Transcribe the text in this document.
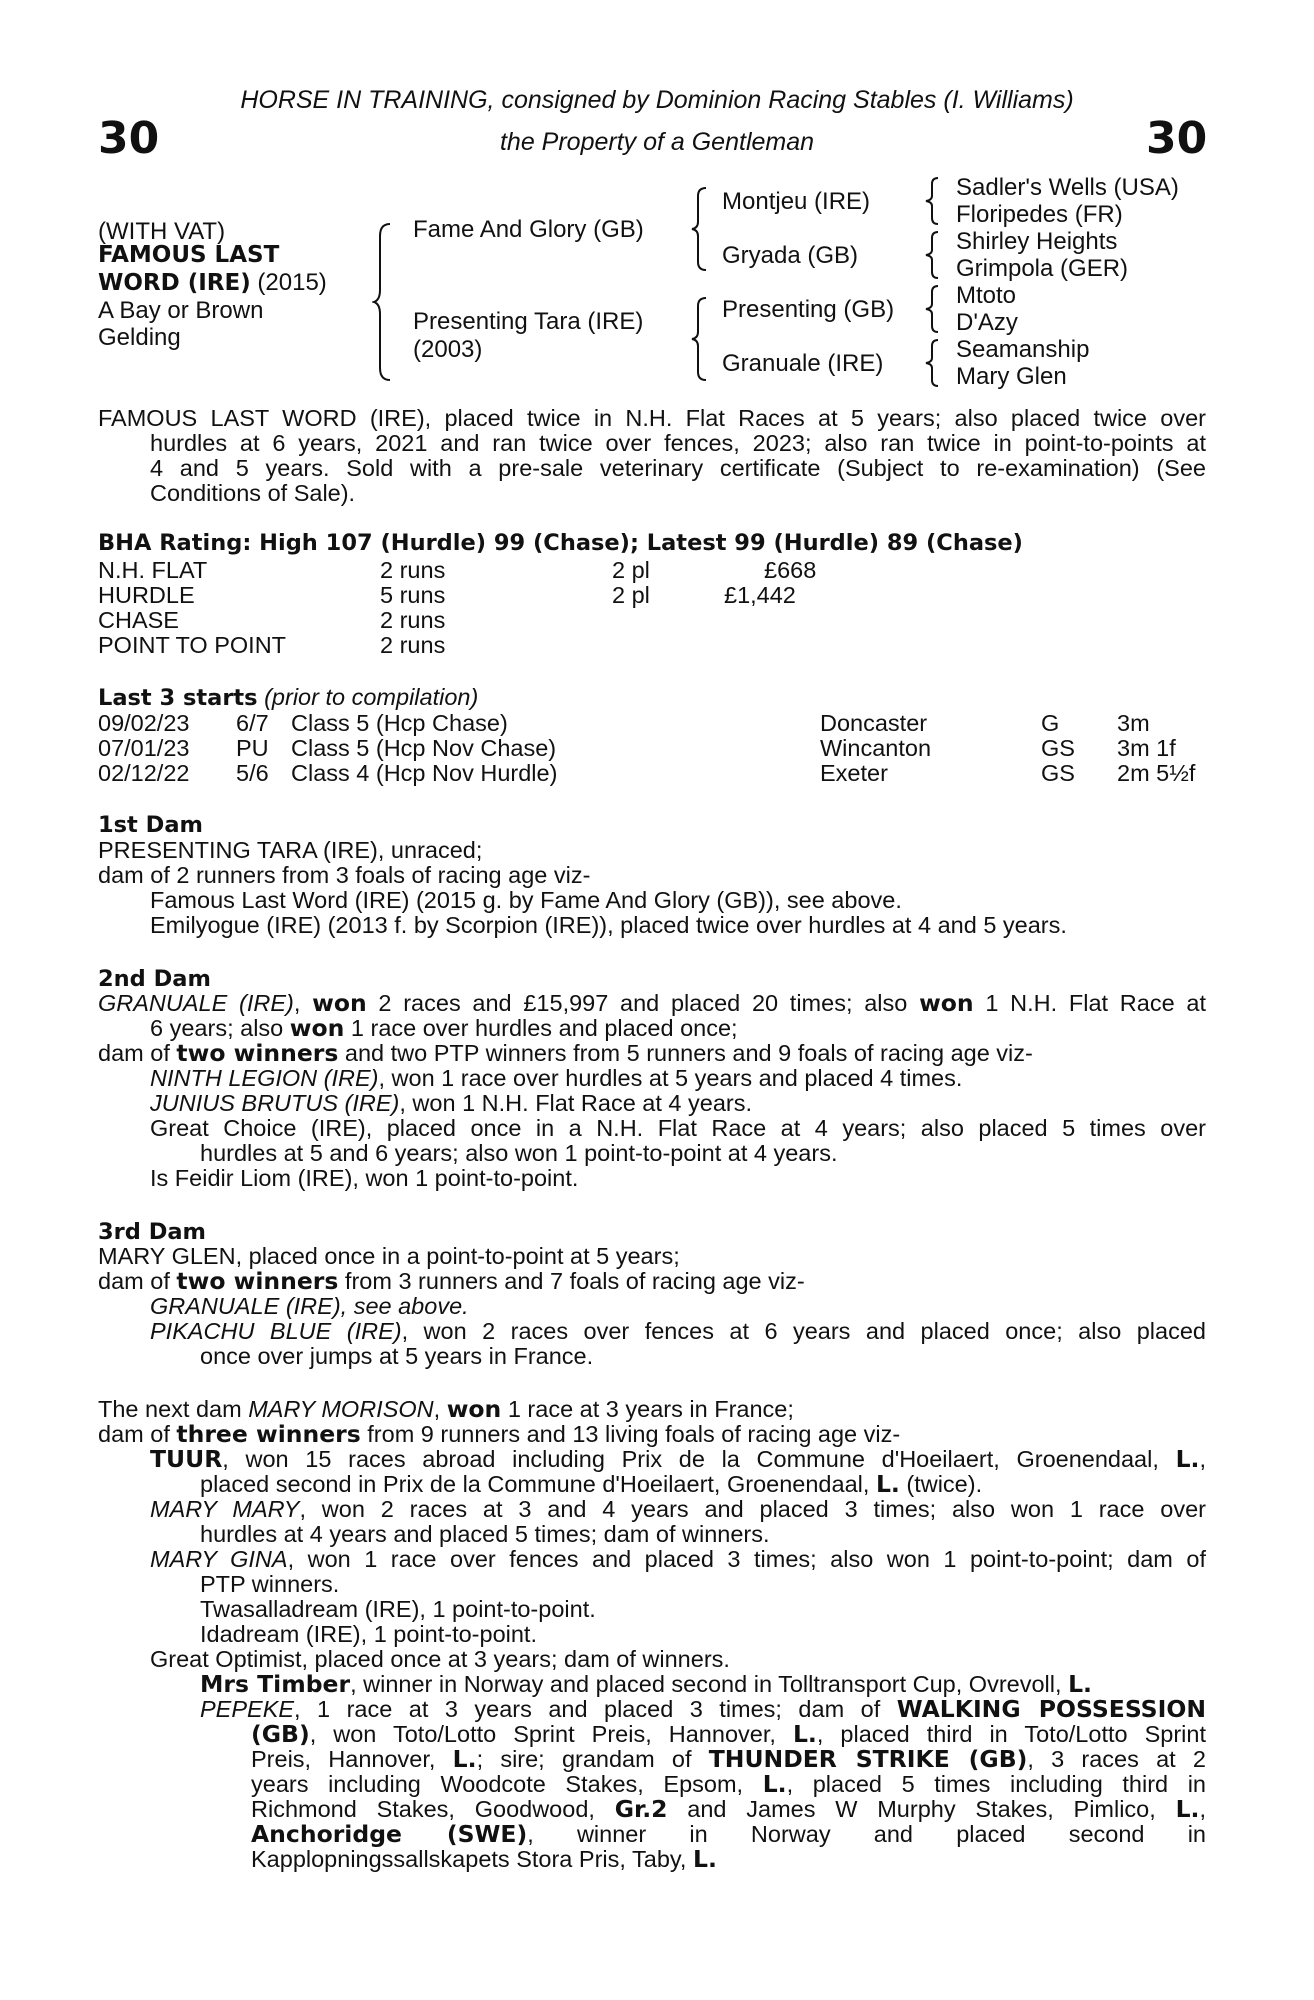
30	30
HORSE IN TRAINING, consigned by Dominion Racing Stables (I. Williams)
the Property of a Gentleman
(WITH VAT)
FAMOUS LAST
WORD (IRE) (2015)
A Bay or Brown
Gelding
Fame And Glory (GB)
Presenting Tara (IRE)
(2003)
Montjeu (IRE)
Gryada (GB)
Presenting (GB)
Granuale (IRE)
Sadler's Wells (USA)
Floripedes (FR)
Shirley Heights
Grimpola (GER)
Mtoto
D'Azy
Seamanship
Mary Glen
FAMOUS LAST WORD (IRE), placed twice in N.H. Flat Races at 5 years; also placed twice over
hurdles at 6 years, 2021 and ran twice over fences, 2023; also ran twice in point-to-points at
4 and 5 years. Sold with a pre-sale veterinary certificate (Subject to re-examination) (See
Conditions of Sale).
BHA Rating: High 107 (Hurdle) 99 (Chase); Latest 99 (Hurdle) 89 (Chase)
N.H. FLAT	2 runs	2 pl	£668
HURDLE	5 runs	2 pl	£1,442
CHASE	2 runs
POINT TO POINT	2 runs
Last 3 starts (prior to compilation)
09/02/23 6/7 Class 5 (Hcp Chase)	Doncaster	G 3m
07/01/23 PU Class 5 (Hcp Nov Chase)	Wincanton	GS 3m 1f
02/12/22 5/6 Class 4 (Hcp Nov Hurdle)	Exeter	GS 2m 5½f
1st Dam
PRESENTING TARA (IRE), unraced;
dam of 2 runners from 3 foals of racing age viz-
Famous Last Word (IRE) (2015 g. by Fame And Glory (GB)), see above.
Emilyogue (IRE) (2013 f. by Scorpion (IRE)), placed twice over hurdles at 4 and 5 years.
2nd Dam
GRANUALE (IRE), won 2 races and £15,997 and placed 20 times; also won 1 N.H. Flat Race at
6 years; also won 1 race over hurdles and placed once;
dam of two winners and two PTP winners from 5 runners and 9 foals of racing age viz-
NINTH LEGION (IRE), won 1 race over hurdles at 5 years and placed 4 times.
JUNIUS BRUTUS (IRE), won 1 N.H. Flat Race at 4 years.
Great Choice (IRE), placed once in a N.H. Flat Race at 4 years; also placed 5 times over
hurdles at 5 and 6 years; also won 1 point-to-point at 4 years.
Is Feidir Liom (IRE), won 1 point-to-point.
3rd Dam
MARY GLEN, placed once in a point-to-point at 5 years;
dam of two winners from 3 runners and 7 foals of racing age viz-
GRANUALE (IRE), see above.
PIKACHU BLUE (IRE), won 2 races over fences at 6 years and placed once; also placed
once over jumps at 5 years in France.
The next dam MARY MORISON, won 1 race at 3 years in France;
dam of three winners from 9 runners and 13 living foals of racing age viz-
TUUR, won 15 races abroad including Prix de la Commune d'Hoeilaert, Groenendaal, L.,
placed second in Prix de la Commune d'Hoeilaert, Groenendaal, L. (twice).
MARY MARY, won 2 races at 3 and 4 years and placed 3 times; also won 1 race over
hurdles at 4 years and placed 5 times; dam of winners.
MARY GINA, won 1 race over fences and placed 3 times; also won 1 point-to-point; dam of
PTP winners.
Twasalladream (IRE), 1 point-to-point.
Idadream (IRE), 1 point-to-point.
Great Optimist, placed once at 3 years; dam of winners.
Mrs Timber, winner in Norway and placed second in Tolltransport Cup, Ovrevoll, L.
PEPEKE, 1 race at 3 years and placed 3 times; dam of WALKING POSSESSION
(GB), won Toto/Lotto Sprint Preis, Hannover, L., placed third in Toto/Lotto Sprint
Preis, Hannover, L.; sire; grandam of THUNDER STRIKE (GB), 3 races at 2
years including Woodcote Stakes, Epsom, L., placed 5 times including third in
Richmond Stakes, Goodwood, Gr.2 and James W Murphy Stakes, Pimlico, L.,
Anchoridge (SWE), winner in Norway and placed second in
Kapplopningssallskapets Stora Pris, Taby, L.
